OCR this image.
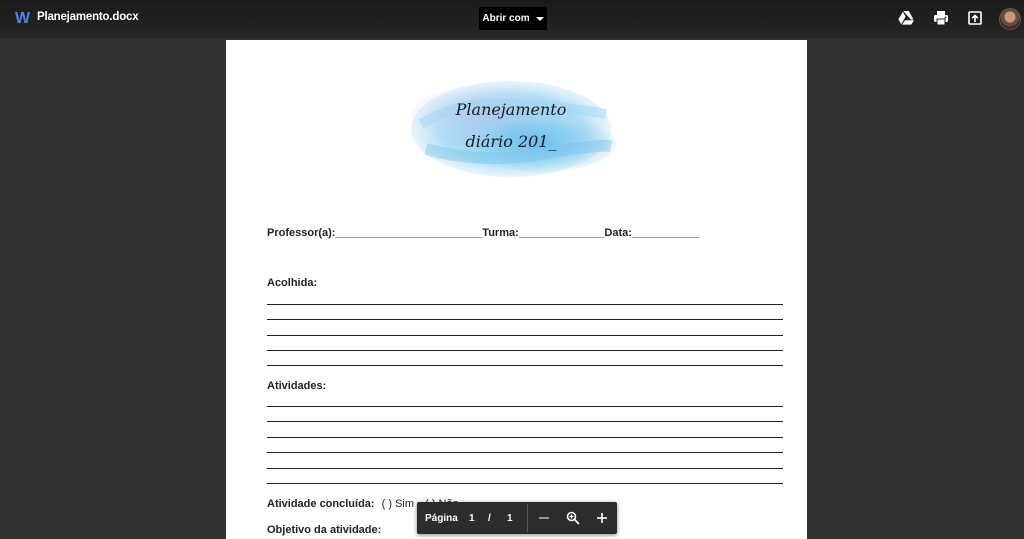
W Planejamento.docx	Abrir com
Planejamento
diário 201_
Professor(a):________________________Turma:______________Data:___________
Acolhida:
Atividades:
Atividade concluída: ( ) Sim
Objetivo da atividade:
Página 1 / 1
